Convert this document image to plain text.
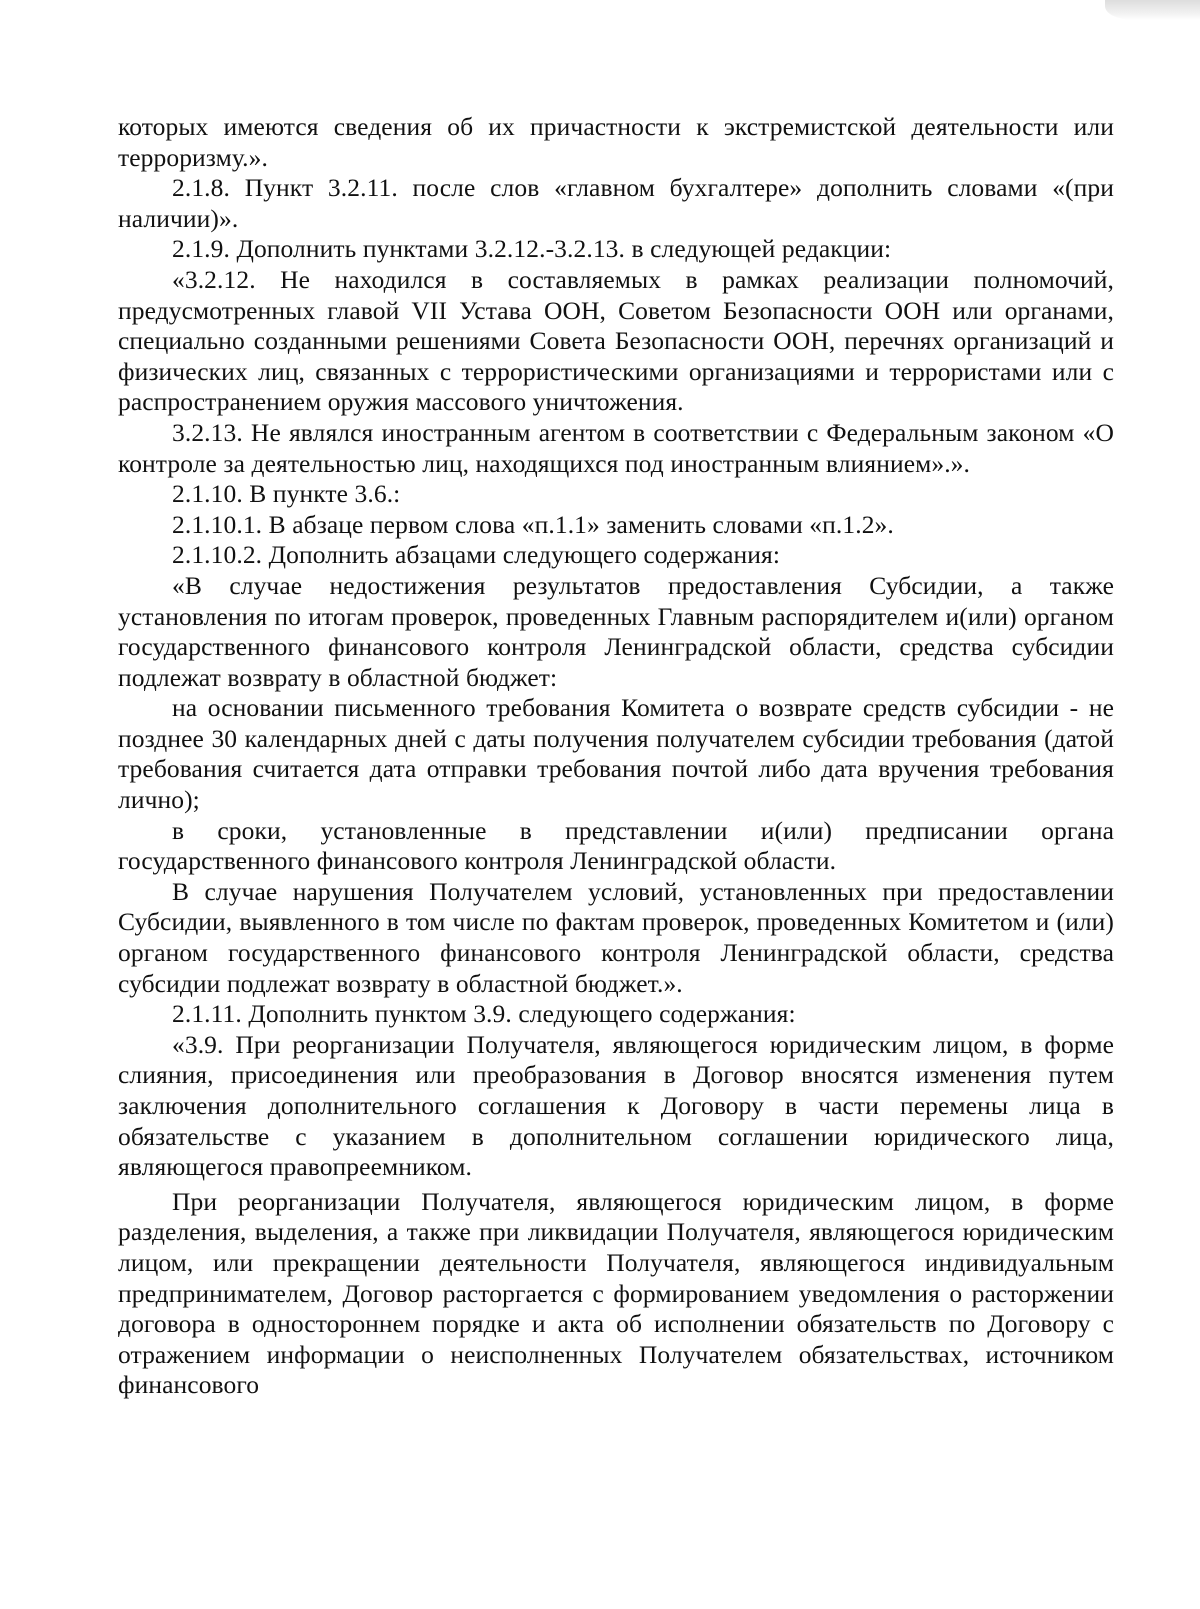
которых имеются сведения об их причастности к экстремистской деятельности или терроризму.».

2.1.8. Пункт 3.2.11. после слов «главном бухгалтере» дополнить словами «(при наличии)».

2.1.9. Дополнить пунктами 3.2.12.-3.2.13. в следующей редакции:

«3.2.12. Не находился в составляемых в рамках реализации полномочий, предусмотренных главой VII Устава ООН, Советом Безопасности ООН или органами, специально созданными решениями Совета Безопасности ООН, перечнях организаций и физических лиц, связанных с террористическими организациями и террористами или с распространением оружия массового уничтожения.

3.2.13. Не являлся иностранным агентом в соответствии с Федеральным законом «О контроле за деятельностью лиц, находящихся под иностранным влиянием».».

2.1.10. В пункте 3.6.:

2.1.10.1. В абзаце первом слова «п.1.1» заменить словами «п.1.2».

2.1.10.2. Дополнить абзацами следующего содержания:

«В случае недостижения результатов предоставления Субсидии, а также установления по итогам проверок, проведенных Главным распорядителем и(или) органом государственного финансового контроля Ленинградской области, средства субсидии подлежат возврату в областной бюджет:

на основании письменного требования Комитета о возврате средств субсидии - не позднее 30 календарных дней с даты получения получателем субсидии требования (датой требования считается дата отправки требования почтой либо дата вручения требования лично);

в сроки, установленные в представлении и(или) предписании органа государственного финансового контроля Ленинградской области.

В случае нарушения Получателем условий, установленных при предоставлении Субсидии, выявленного в том числе по фактам проверок, проведенных Комитетом и (или) органом государственного финансового контроля Ленинградской области, средства субсидии подлежат возврату в областной бюджет.».

2.1.11. Дополнить пунктом 3.9. следующего содержания:

«3.9. При реорганизации Получателя, являющегося юридическим лицом, в форме слияния, присоединения или преобразования в Договор вносятся изменения путем заключения дополнительного соглашения к Договору в части перемены лица в обязательстве с указанием в дополнительном соглашении юридического лица, являющегося правопреемником.

При реорганизации Получателя, являющегося юридическим лицом, в форме разделения, выделения, а также при ликвидации Получателя, являющегося юридическим лицом, или прекращении деятельности Получателя, являющегося индивидуальным предпринимателем, Договор расторгается с формированием уведомления о расторжении договора в одностороннем порядке и акта об исполнении обязательств по Договору с отражением информации о неисполненных Получателем обязательствах, источником финансового
